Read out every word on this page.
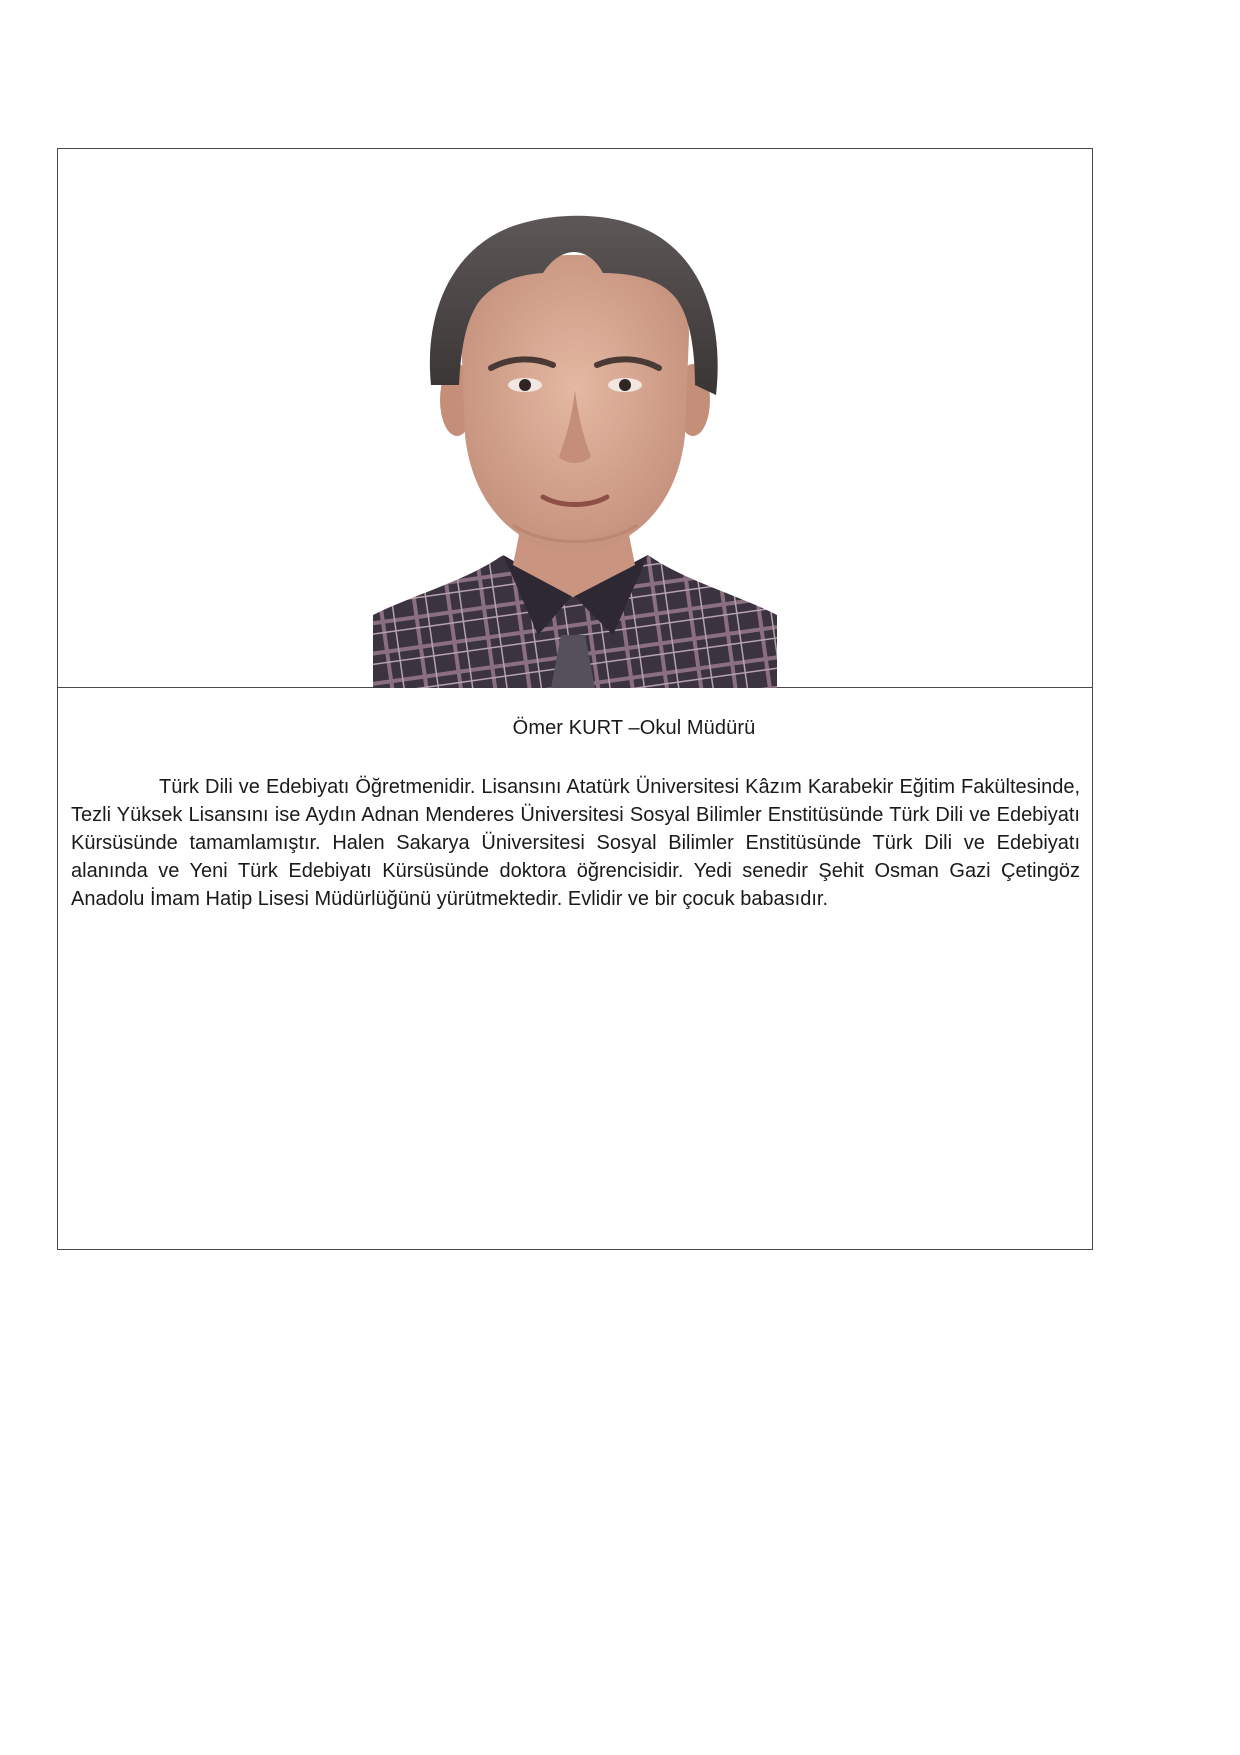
Ömer KURT –Okul Müdürü

Türk Dili ve Edebiyatı Öğretmenidir. Lisansını Atatürk Üniversitesi Kâzım Karabekir Eğitim Fakültesinde, Tezli Yüksek Lisansını ise Aydın Adnan Menderes Üniversitesi Sosyal Bilimler Enstitüsünde Türk Dili ve Edebiyatı Kürsüsünde tamamlamıştır. Halen Sakarya Üniversitesi Sosyal Bilimler Enstitüsünde Türk Dili ve Edebiyatı alanında ve Yeni Türk Edebiyatı Kürsüsünde doktora öğrencisidir. Yedi senedir Şehit Osman Gazi Çetingöz Anadolu İmam Hatip Lisesi Müdürlüğünü yürütmektedir. Evlidir ve bir çocuk babasıdır.
